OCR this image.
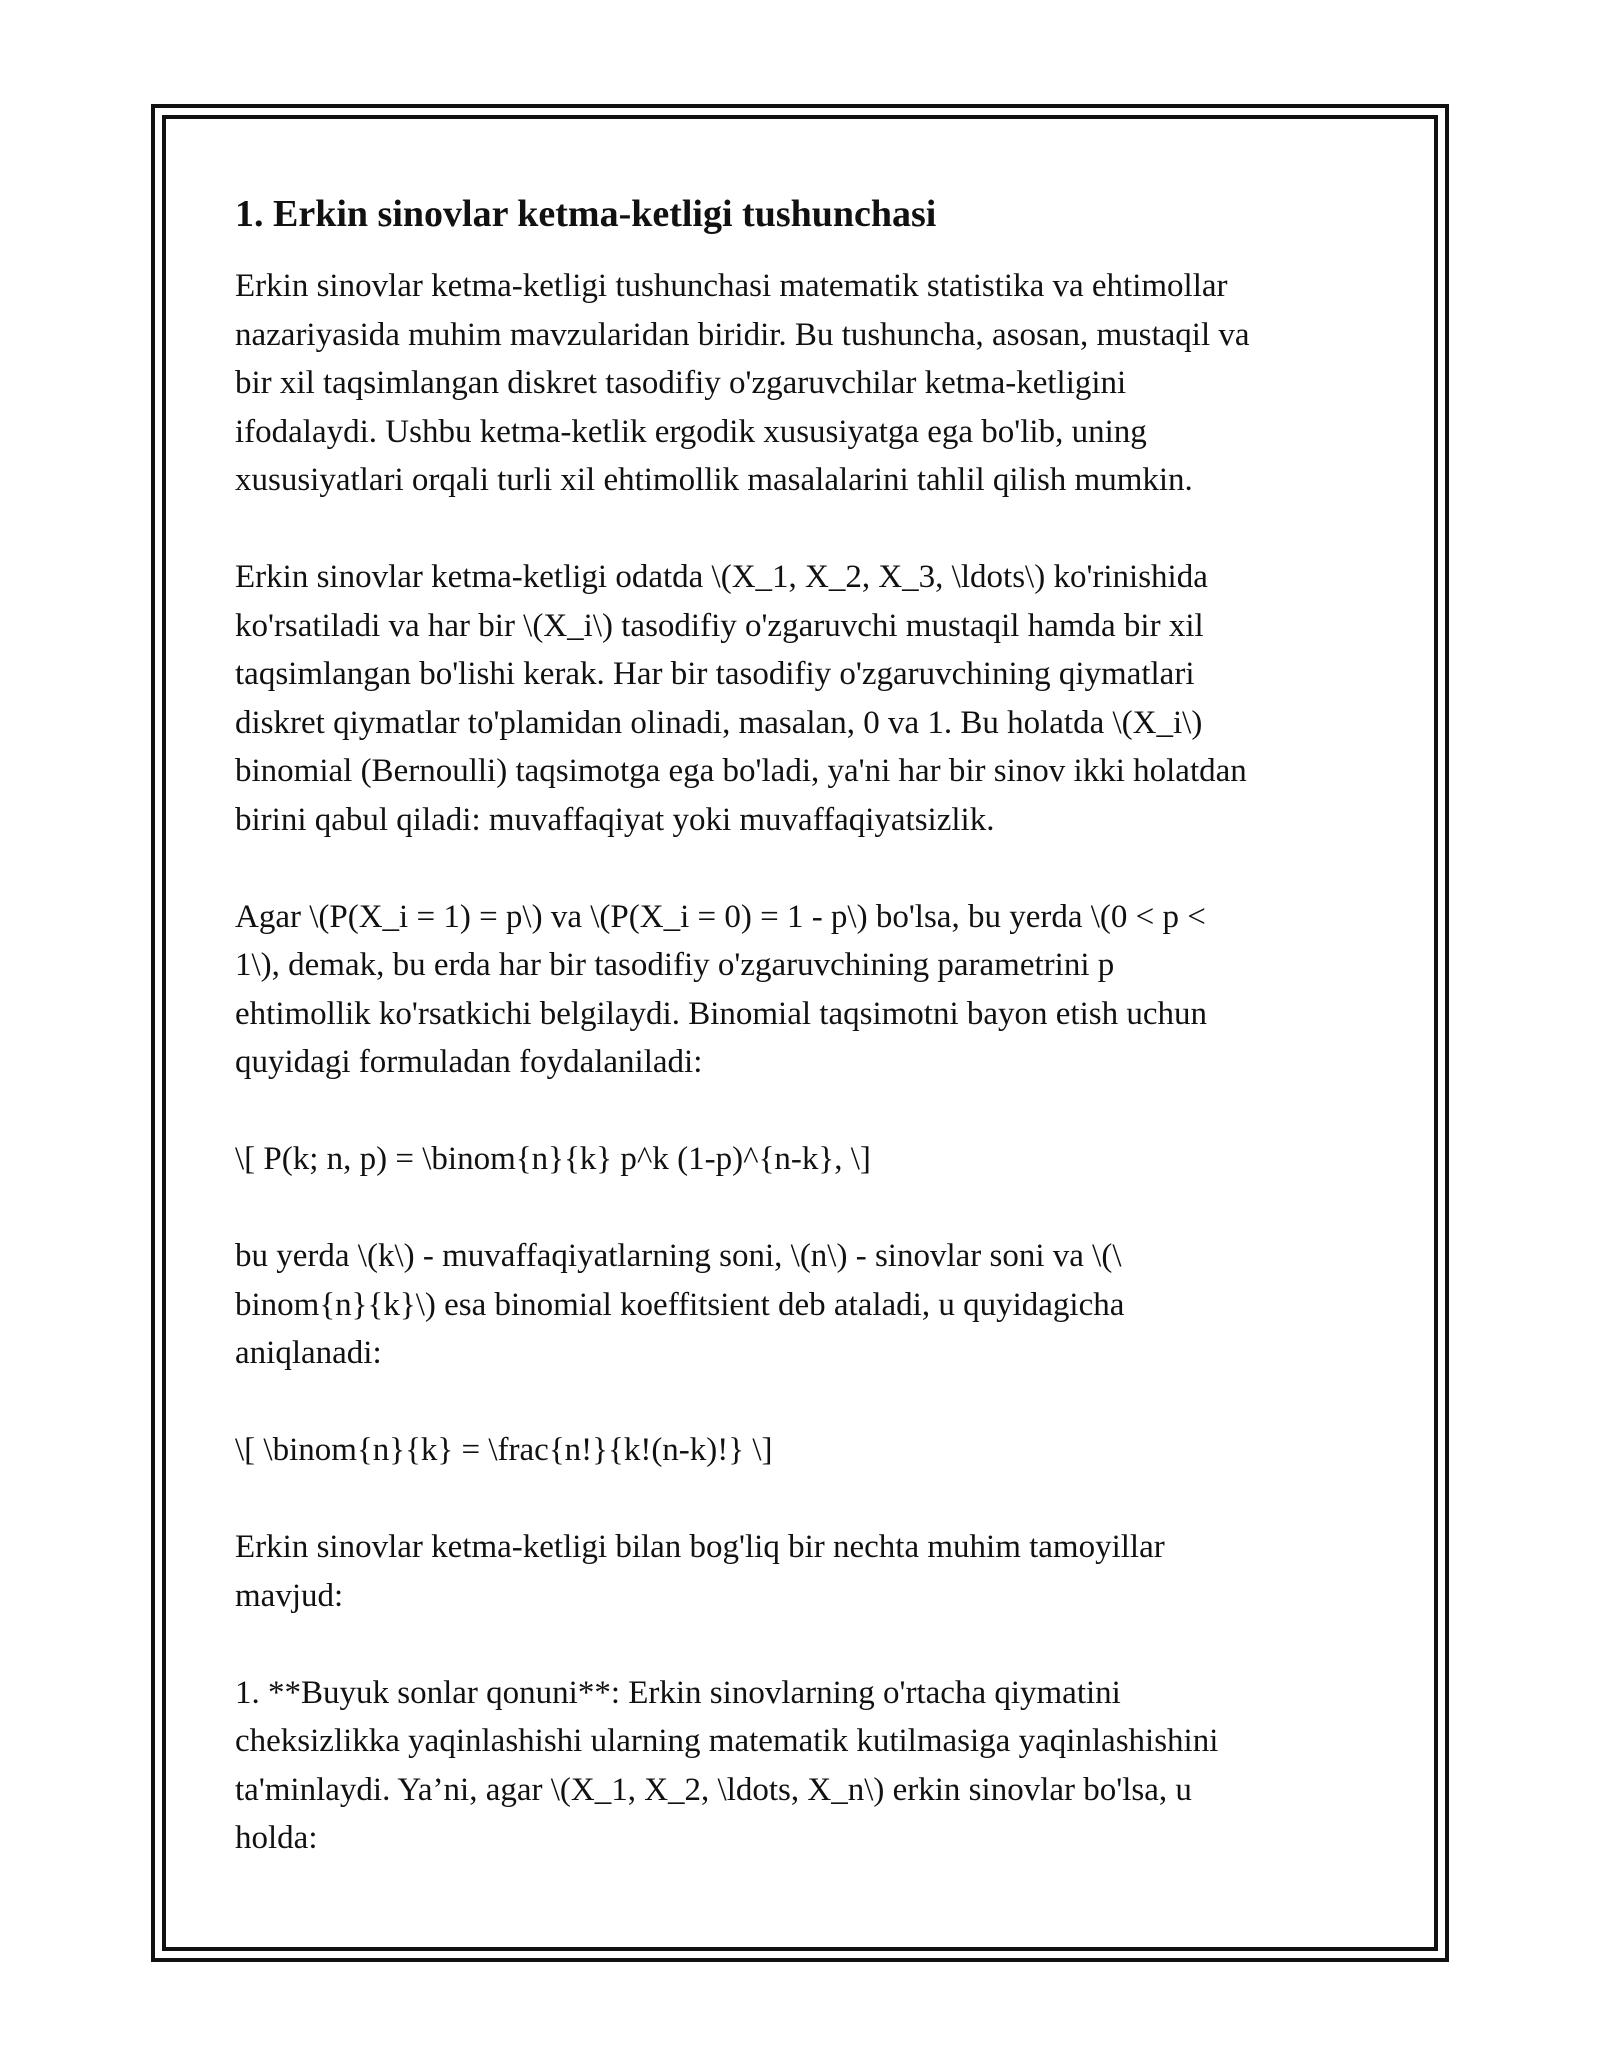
1. Erkin sinovlar ketma-ketligi tushunchasi
Erkin sinovlar ketma-ketligi tushunchasi matematik statistika va ehtimollar
nazariyasida muhim mavzularidan biridir. Bu tushuncha, asosan, mustaqil va
bir xil taqsimlangan diskret tasodifiy o'zgaruvchilar ketma-ketligini
ifodalaydi. Ushbu ketma-ketlik ergodik xususiyatga ega bo'lib, uning
xususiyatlari orqali turli xil ehtimollik masalalarini tahlil qilish mumkin.
Erkin sinovlar ketma-ketligi odatda \(X_1, X_2, X_3, \ldots\) ko'rinishida
ko'rsatiladi va har bir \(X_i\) tasodifiy o'zgaruvchi mustaqil hamda bir xil
taqsimlangan bo'lishi kerak. Har bir tasodifiy o'zgaruvchining qiymatlari
diskret qiymatlar to'plamidan olinadi, masalan, 0 va 1. Bu holatda \(X_i\)
binomial (Bernoulli) taqsimotga ega bo'ladi, ya'ni har bir sinov ikki holatdan
birini qabul qiladi: muvaffaqiyat yoki muvaffaqiyatsizlik.
Agar \(P(X_i = 1) = p\) va \(P(X_i = 0) = 1 - p\) bo'lsa, bu yerda \(0 < p <
1\), demak, bu erda har bir tasodifiy o'zgaruvchining parametrini p
ehtimollik ko'rsatkichi belgilaydi. Binomial taqsimotni bayon etish uchun
quyidagi formuladan foydalaniladi:
\[ P(k; n, p) = \binom{n}{k} p^k (1-p)^{n-k}, \]
bu yerda \(k\) - muvaffaqiyatlarning soni, \(n\) - sinovlar soni va \(\
binom{n}{k}\) esa binomial koeffitsient deb ataladi, u quyidagicha
aniqlanadi:
\[ \binom{n}{k} = \frac{n!}{k!(n-k)!} \]
Erkin sinovlar ketma-ketligi bilan bog'liq bir nechta muhim tamoyillar
mavjud:
1. **Buyuk sonlar qonuni**: Erkin sinovlarning o'rtacha qiymatini
cheksizlikka yaqinlashishi ularning matematik kutilmasiga yaqinlashishini
ta'minlaydi. Ya’ni, agar \(X_1, X_2, \ldots, X_n\) erkin sinovlar bo'lsa, u
holda:
